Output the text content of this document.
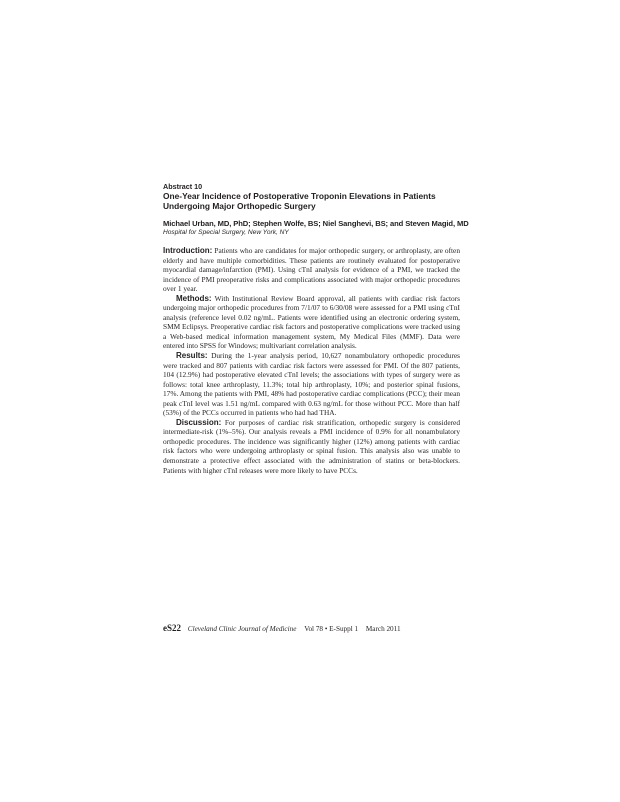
Abstract 10
One-Year Incidence of Postoperative Troponin Elevations in Patients Undergoing Major Orthopedic Surgery
Michael Urban, MD, PhD; Stephen Wolfe, BS; Niel Sanghevi, BS; and Steven Magid, MD
Hospital for Special Surgery, New York, NY

Introduction: Patients who are candidates for major orthopedic surgery, or arthroplasty, are often elderly and have multiple comorbidities. These patients are routinely evaluated for postoperative myocardial damage/infarction (PMI). Using cTnI analysis for evidence of a PMI, we tracked the incidence of PMI preoperative risks and complications associated with major orthopedic procedures over 1 year.

Methods: With Institutional Review Board approval, all patients with cardiac risk factors undergoing major orthopedic procedures from 7/1/07 to 6/30/08 were assessed for a PMI using cTnI analysis (reference level 0.02 ng/mL. Patients were identified using an electronic ordering system, SMM Eclipsys. Preoperative cardiac risk factors and postoperative complications were tracked using a Web-based medical information management system, My Medical Files (MMF). Data were entered into SPSS for Windows; multivariant correlation analysis.

Results: During the 1-year analysis period, 10,627 nonambulatory orthopedic procedures were tracked and 807 patients with cardiac risk factors were assessed for PMI. Of the 807 patients, 104 (12.9%) had postoperative elevated cTnI levels; the associations with types of surgery were as follows: total knee arthroplasty, 11.3%; total hip arthroplasty, 10%; and posterior spinal fusions, 17%. Among the patients with PMI, 48% had postoperative cardiac complications (PCC); their mean peak cTnI level was 1.51 ng/mL compared with 0.63 ng/mL for those without PCC. More than half (53%) of the PCCs occurred in patients who had had THA.

Discussion: For purposes of cardiac risk stratification, orthopedic surgery is considered intermediate-risk (1%–5%). Our analysis reveals a PMI incidence of 0.9% for all nonambulatory orthopedic procedures. The incidence was significantly higher (12%) among patients with cardiac risk factors who were undergoing arthroplasty or spinal fusion. This analysis also was unable to demonstrate a protective effect associated with the administration of statins or beta-blockers. Patients with higher cTnI releases were more likely to have PCCs.

eS22 Cleveland Clinic Journal of Medicine Vol 78 • E-Suppl 1 March 2011
